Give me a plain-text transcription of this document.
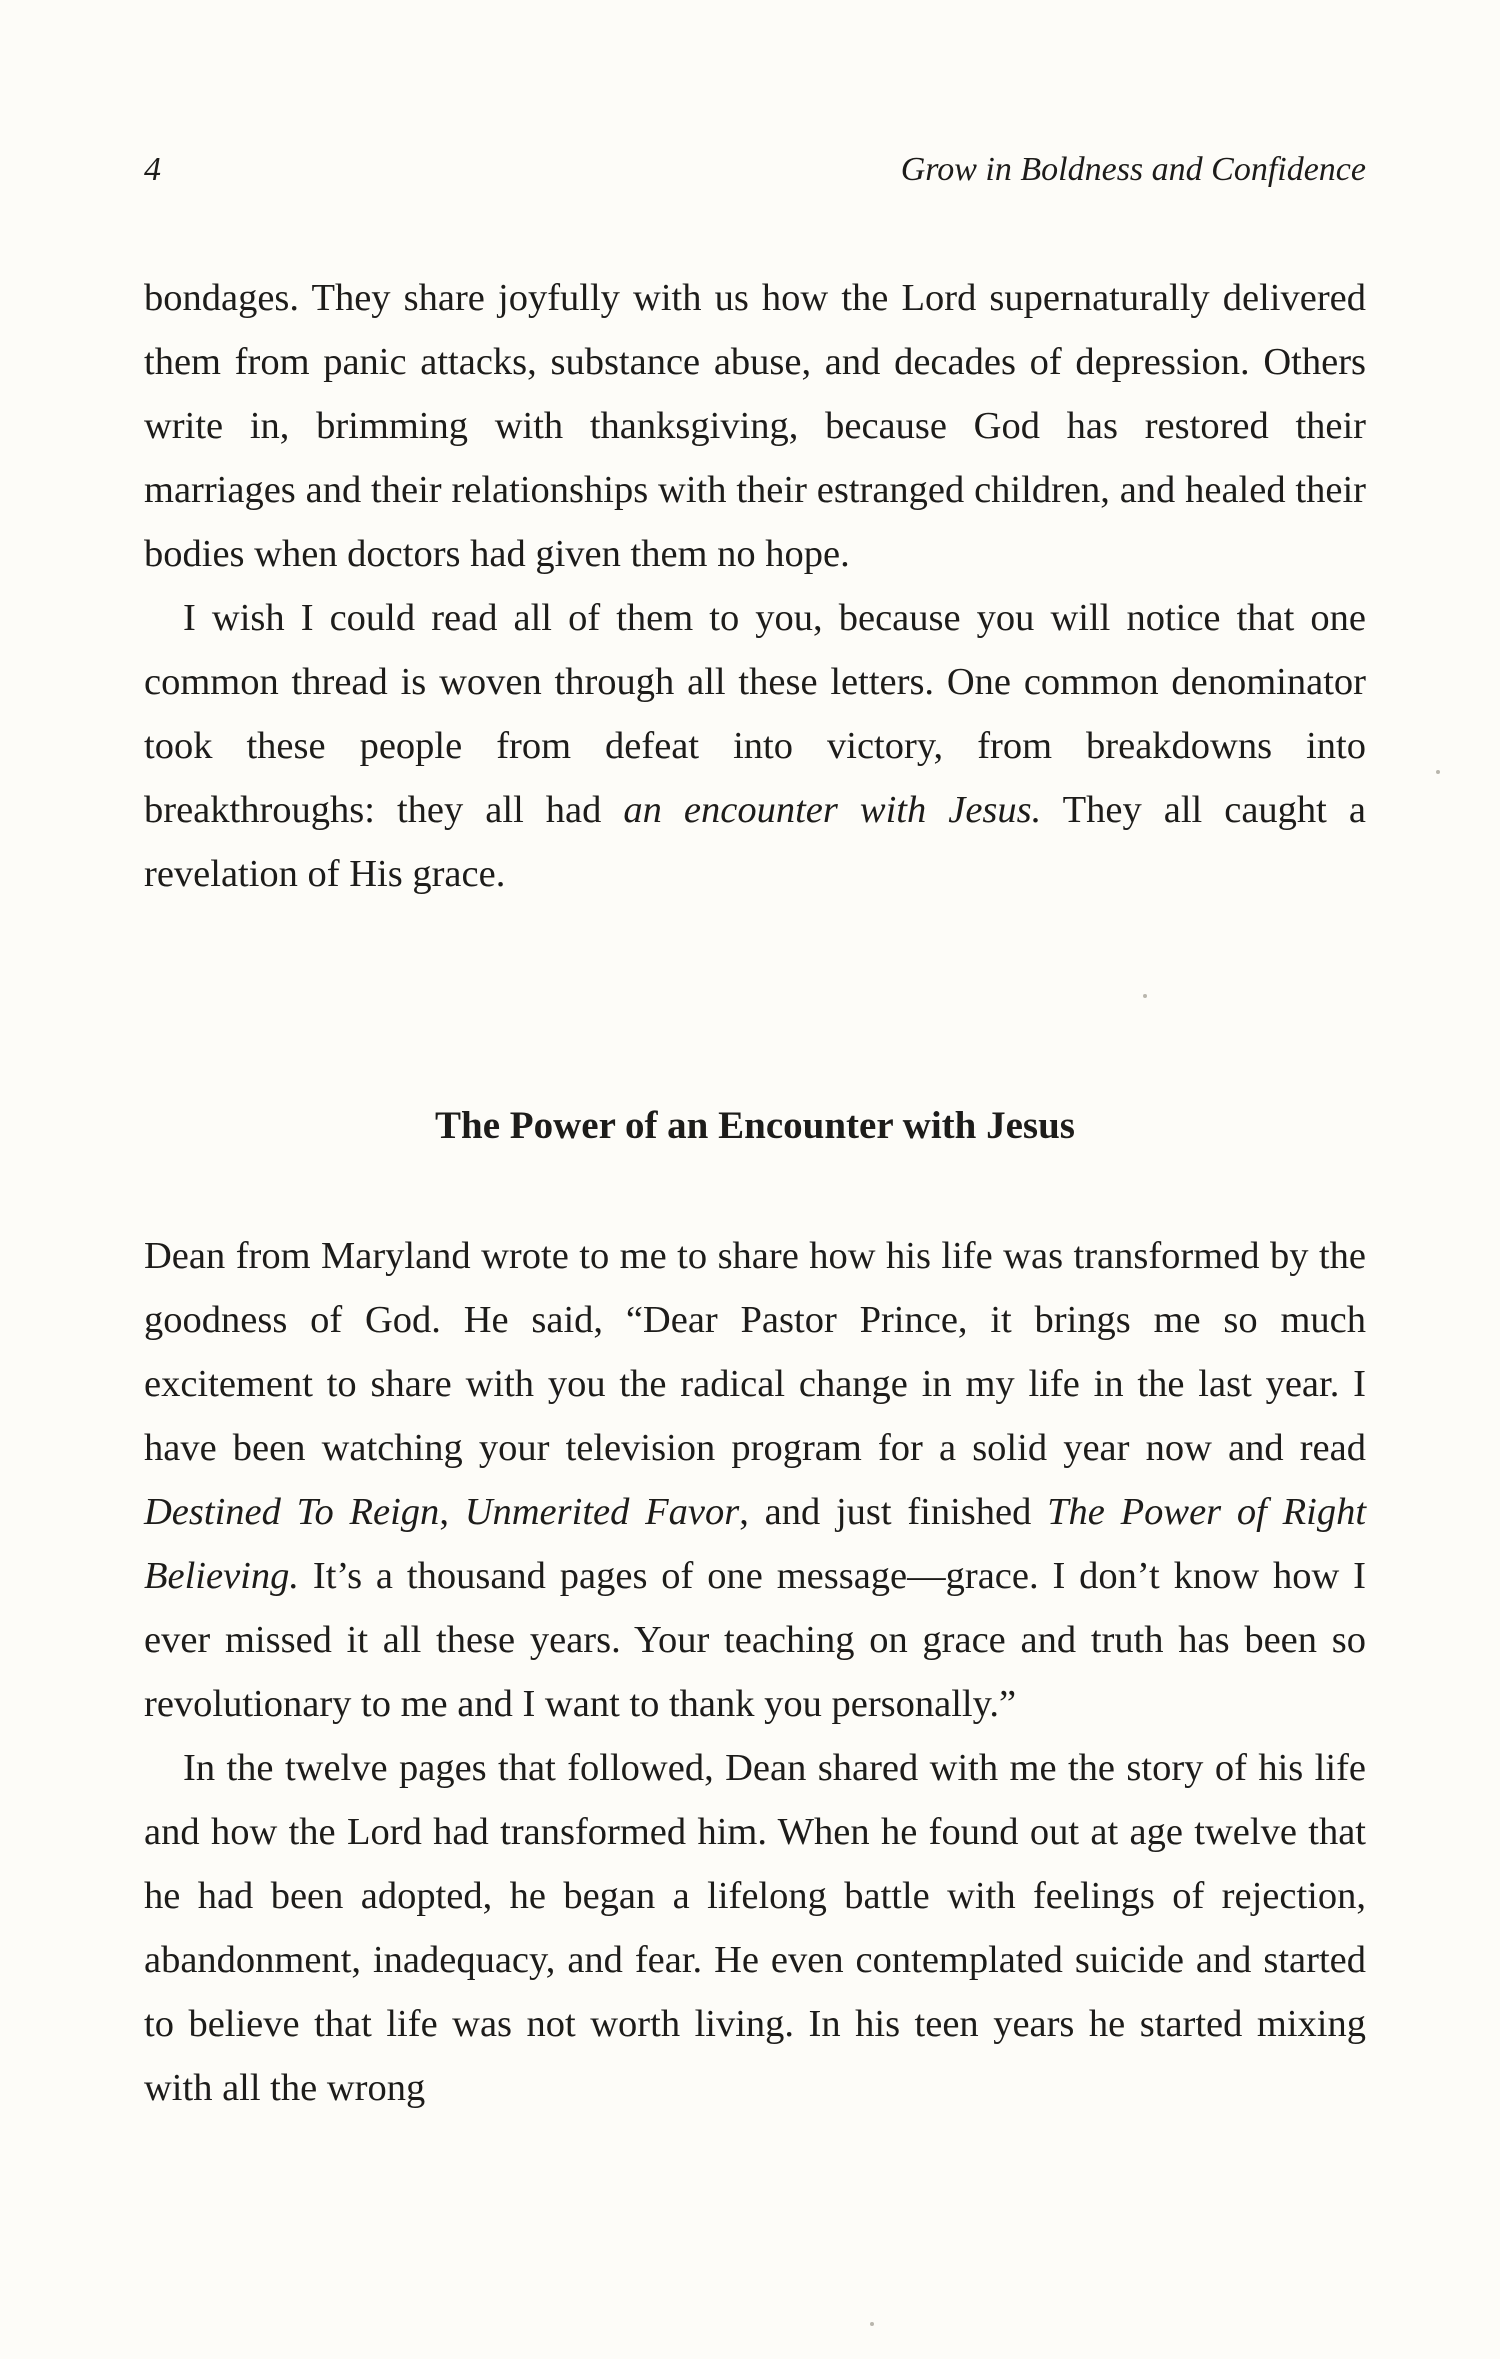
4	Grow in Boldness and Confidence

bondages. They share joyfully with us how the Lord supernaturally delivered them from panic attacks, substance abuse, and decades of depression. Others write in, brimming with thanksgiving, because God has restored their marriages and their relationships with their estranged children, and healed their bodies when doctors had given them no hope.

I wish I could read all of them to you, because you will notice that one common thread is woven through all these letters. One common denominator took these people from defeat into victory, from breakdowns into breakthroughs: they all had an encounter with Jesus. They all caught a revelation of His grace.

The Power of an Encounter with Jesus

Dean from Maryland wrote to me to share how his life was transformed by the goodness of God. He said, “Dear Pastor Prince, it brings me so much excitement to share with you the radical change in my life in the last year. I have been watching your television program for a solid year now and read Destined To Reign, Unmerited Favor, and just finished The Power of Right Believing. It’s a thousand pages of one message—grace. I don’t know how I ever missed it all these years. Your teaching on grace and truth has been so revolutionary to me and I want to thank you personally.”

In the twelve pages that followed, Dean shared with me the story of his life and how the Lord had transformed him. When he found out at age twelve that he had been adopted, he began a lifelong battle with feelings of rejection, abandonment, inadequacy, and fear. He even contemplated suicide and started to believe that life was not worth living. In his teen years he started mixing with all the wrong
